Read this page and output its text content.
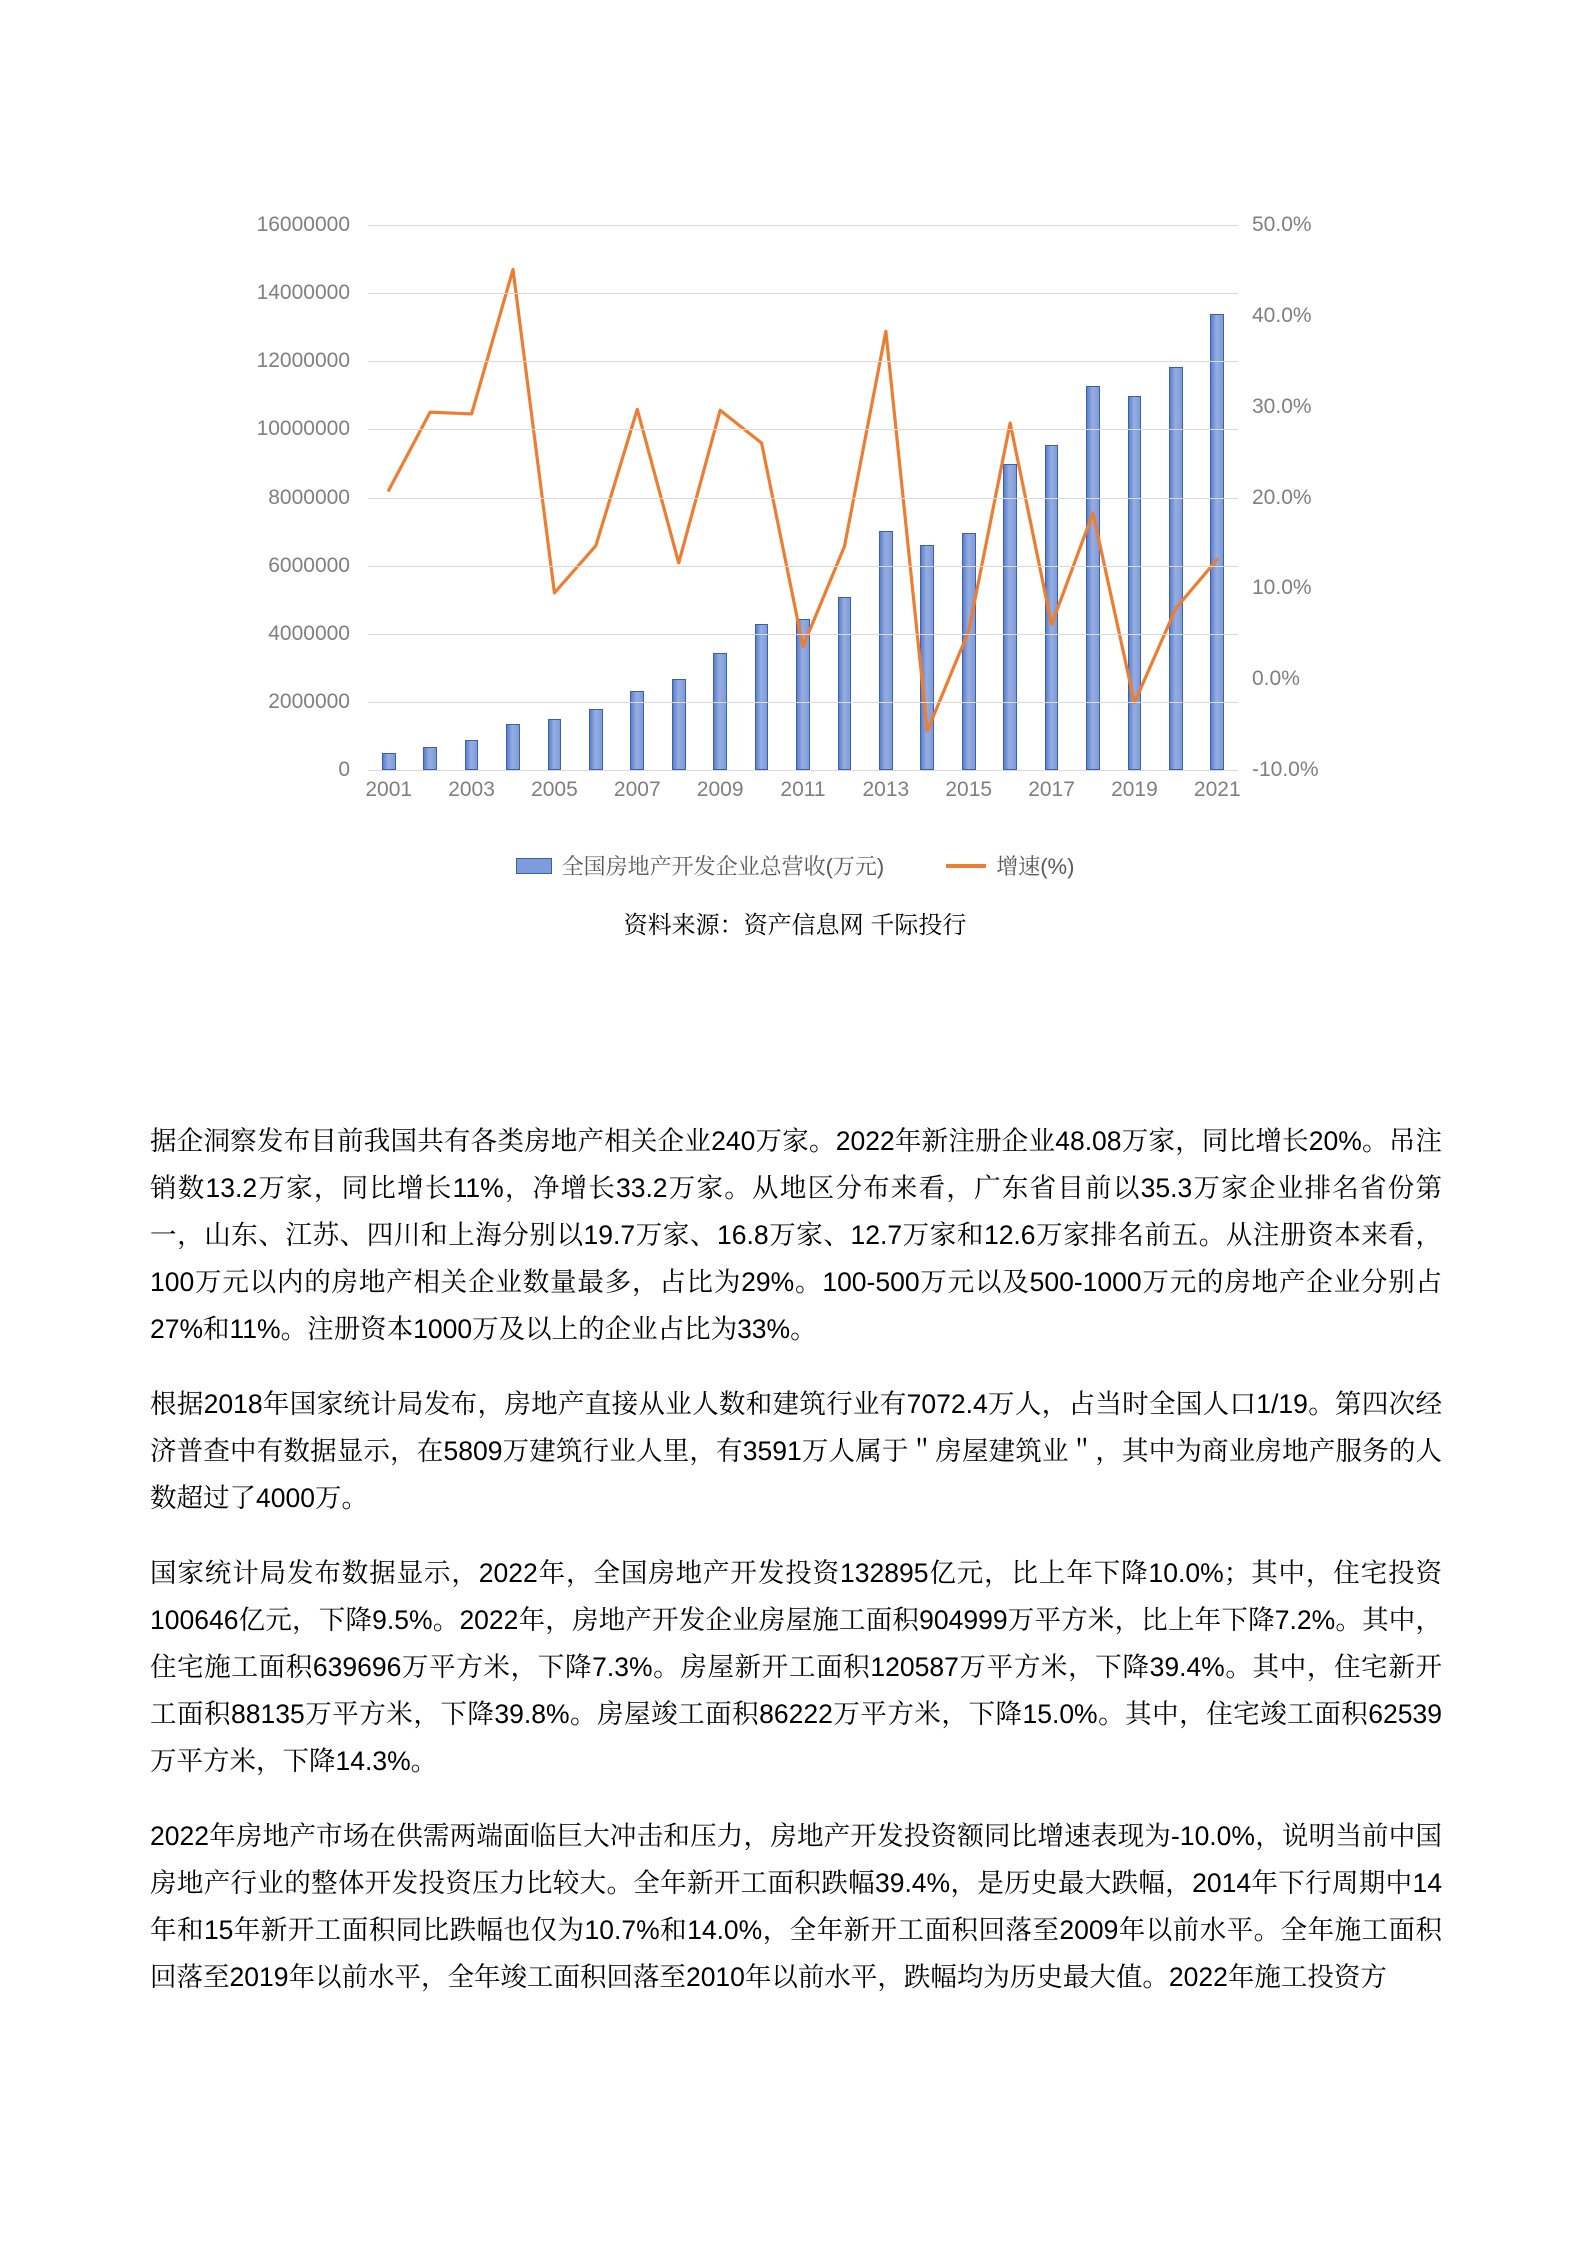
0
2000000
4000000
6000000
8000000
10000000
12000000
14000000
16000000
-10.0%
0.0%
10.0%
20.0%
30.0%
40.0%
50.0%
2001 2003 2005 2007 2009 2011 2013 2015 2017 2019 2021
全国房地产开发企业总营收(万元)	增速(%)
资料来源：资产信息网 千际投行

据企洞察发布目前我国共有各类房地产相关企业240万家。2022年新注册企业48.08万家，同比增长20%。吊注销数13.2万家，同比增长11%，净增长33.2万家。从地区分布来看，广东省目前以35.3万家企业排名省份第一，山东、江苏、四川和上海分别以19.7万家、16.8万家、12.7万家和12.6万家排名前五。从注册资本来看，100万元以内的房地产相关企业数量最多，占比为29%。100-500万元以及500-1000万元的房地产企业分别占27%和11%。注册资本1000万及以上的企业占比为33%。

根据2018年国家统计局发布，房地产直接从业人数和建筑行业有7072.4万人，占当时全国人口1/19。第四次经济普查中有数据显示，在5809万建筑行业人里，有3591万人属于＂房屋建筑业＂，其中为商业房地产服务的人数超过了4000万。

国家统计局发布数据显示，2022年，全国房地产开发投资132895亿元，比上年下降10.0%；其中，住宅投资100646亿元，下降9.5%。2022年，房地产开发企业房屋施工面积904999万平方米，比上年下降7.2%。其中，住宅施工面积639696万平方米，下降7.3%。房屋新开工面积120587万平方米，下降39.4%。其中，住宅新开工面积88135万平方米，下降39.8%。房屋竣工面积86222万平方米，下降15.0%。其中，住宅竣工面积62539万平方米，下降14.3%。

2022年房地产市场在供需两端面临巨大冲击和压力，房地产开发投资额同比增速表现为-10.0%，说明当前中国房地产行业的整体开发投资压力比较大。全年新开工面积跌幅39.4%，是历史最大跌幅，2014年下行周期中14年和15年新开工面积同比跌幅也仅为10.7%和14.0%，全年新开工面积回落至2009年以前水平。全年施工面积回落至2019年以前水平，全年竣工面积回落至2010年以前水平，跌幅均为历史最大值。2022年施工投资方
